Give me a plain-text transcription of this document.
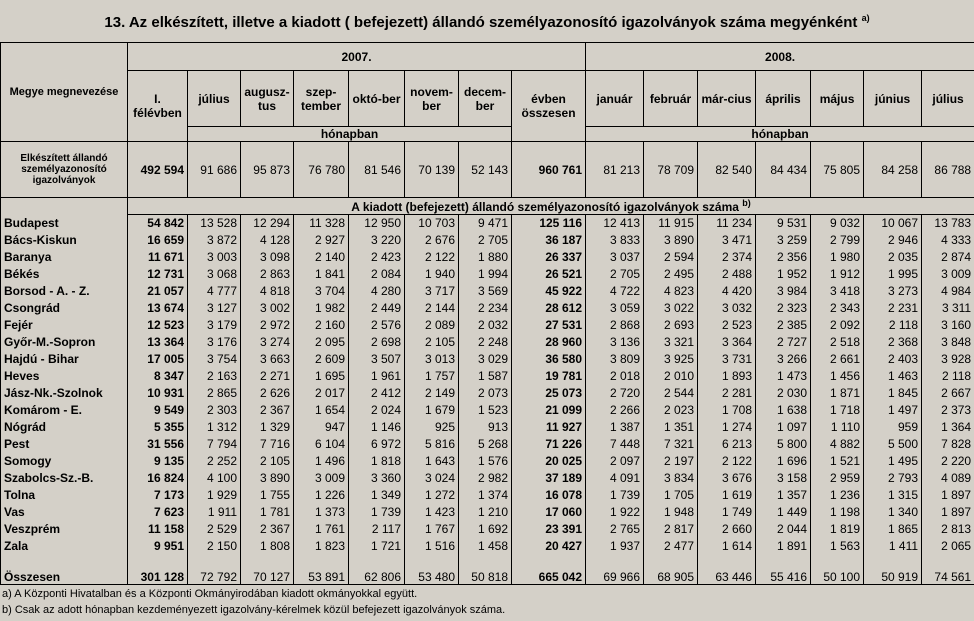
13. Az elkészített, illetve a kiadott ( befejezett) állandó személyazonosító igazolványok száma megyénként $^{a)}$
Megye megnevezése	2007.								2008.						
	I. félévben	július	augusz-tus	szep-tember	októ-ber	novem-ber	decem-ber	évben összesen	január	február	már-cius	április	május	június	július
		hónapban							hónapban						
Elkészített állandó személyazonosító igazolványok	492 594	91 686	95 873	76 780	81 546	70 139	52 143	960 761	81 213	78 709	82 540	84 434	75 805	84 258	86 788
	A kiadott (befejezett) állandó személyazonosító igazolványok száma $^{b)}$
Budapest	54 842	13 528	12 294	11 328	12 950	10 703	9 471	125 116	12 413	11 915	11 234	9 531	9 032	10 067	13 783
Bács-Kiskun	16 659	3 872	4 128	2 927	3 220	2 676	2 705	36 187	3 833	3 890	3 471	3 259	2 799	2 946	4 333
Baranya	11 671	3 003	3 098	2 140	2 423	2 122	1 880	26 337	3 037	2 594	2 374	2 356	1 980	2 035	2 874
Békés	12 731	3 068	2 863	1 841	2 084	1 940	1 994	26 521	2 705	2 495	2 488	1 952	1 912	1 995	3 009
Borsod - A. - Z.	21 057	4 777	4 818	3 704	4 280	3 717	3 569	45 922	4 722	4 823	4 420	3 984	3 418	3 273	4 984
Csongrád	13 674	3 127	3 002	1 982	2 449	2 144	2 234	28 612	3 059	3 022	3 032	2 323	2 343	2 231	3 311
Fejér	12 523	3 179	2 972	2 160	2 576	2 089	2 032	27 531	2 868	2 693	2 523	2 385	2 092	2 118	3 160
Győr-M.-Sopron	13 364	3 176	3 274	2 095	2 698	2 105	2 248	28 960	3 136	3 321	3 364	2 727	2 518	2 368	3 848
Hajdú - Bihar	17 005	3 754	3 663	2 609	3 507	3 013	3 029	36 580	3 809	3 925	3 731	3 266	2 661	2 403	3 928
Heves	8 347	2 163	2 271	1 695	1 961	1 757	1 587	19 781	2 018	2 010	1 893	1 473	1 456	1 463	2 118
Jász-Nk.-Szolnok	10 931	2 865	2 626	2 017	2 412	2 149	2 073	25 073	2 720	2 544	2 281	2 030	1 871	1 845	2 667
Komárom - E.	9 549	2 303	2 367	1 654	2 024	1 679	1 523	21 099	2 266	2 023	1 708	1 638	1 718	1 497	2 373
Nógrád	5 355	1 312	1 329	947	1 146	925	913	11 927	1 387	1 351	1 274	1 097	1 110	959	1 364
Pest	31 556	7 794	7 716	6 104	6 972	5 816	5 268	71 226	7 448	7 321	6 213	5 800	4 882	5 500	7 828
Somogy	9 135	2 252	2 105	1 496	1 818	1 643	1 576	20 025	2 097	2 197	2 122	1 696	1 521	1 495	2 220
Szabolcs-Sz.-B.	16 824	4 100	3 890	3 009	3 360	3 024	2 982	37 189	4 091	3 834	3 676	3 158	2 959	2 793	4 089
Tolna	7 173	1 929	1 755	1 226	1 349	1 272	1 374	16 078	1 739	1 705	1 619	1 357	1 236	1 315	1 897
Vas	7 623	1 911	1 781	1 373	1 739	1 423	1 210	17 060	1 922	1 948	1 749	1 449	1 198	1 340	1 897
Veszprém	11 158	2 529	2 367	1 761	2 117	1 767	1 692	23 391	2 765	2 817	2 660	2 044	1 819	1 865	2 813
Zala	9 951	2 150	1 808	1 823	1 721	1 516	1 458	20 427	1 937	2 477	1 614	1 891	1 563	1 411	2 065
Összesen	301 128	72 792	70 127	53 891	62 806	53 480	50 818	665 042	69 966	68 905	63 446	55 416	50 100	50 919	74 561
a) A Központi Hivatalban és a Központi Okmányirodában kiadott okmányokkal együtt.
b) Csak az adott hónapban kezdeményezett igazolvány-kérelmek közül befejezett igazolványok száma.
